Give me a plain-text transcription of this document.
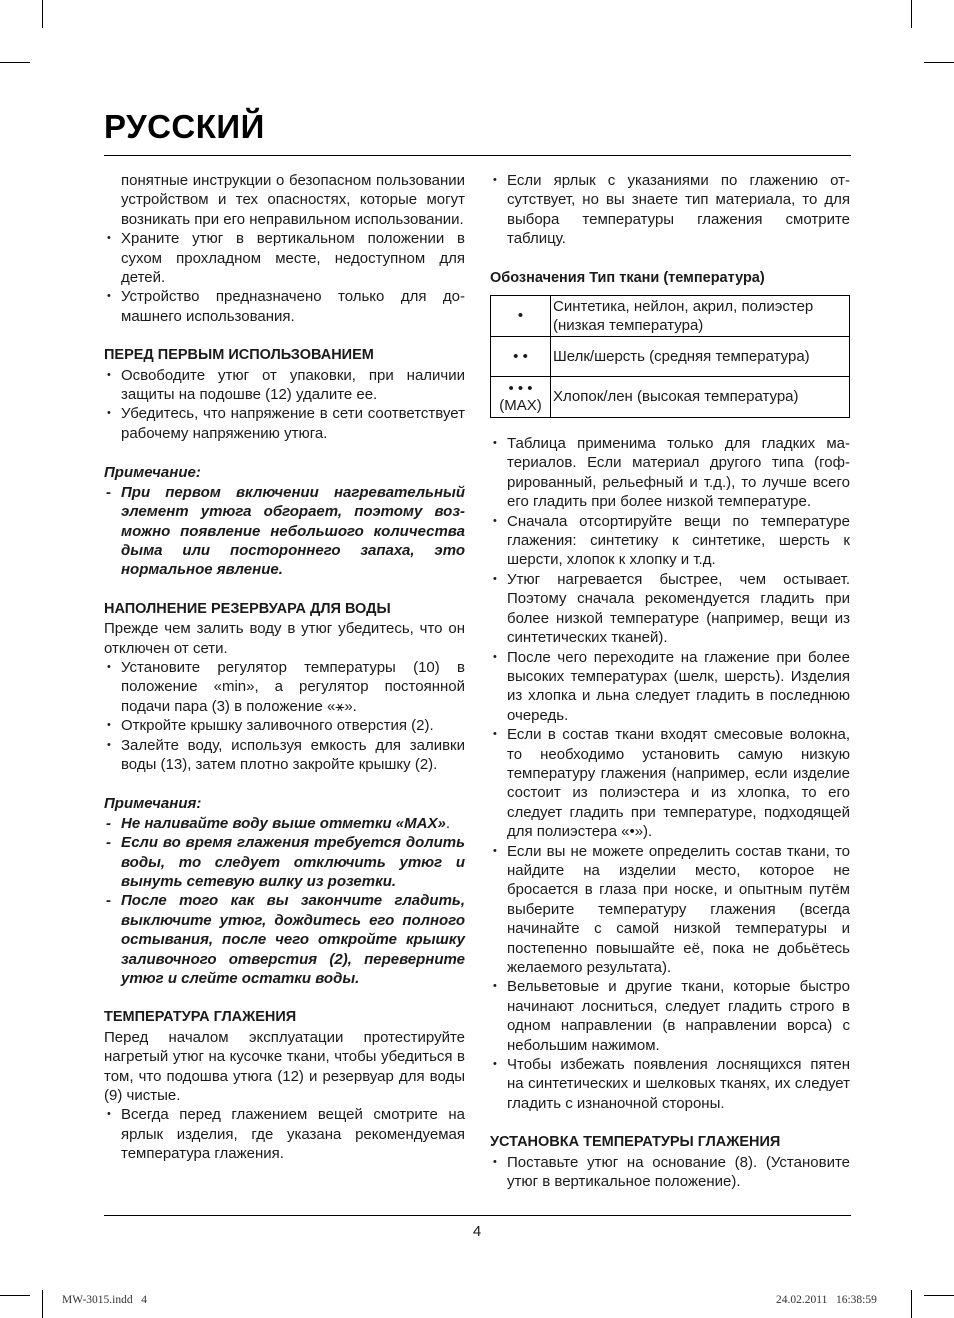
РУССКИЙ
понятные инструкции о безопасном пользовании устройством и тех опасностях, которые могут возникать при его неправильном использовании.
• Храните утюг в вертикальном положении в сухом прохладном месте, недоступном для детей.
• Устройство предназначено только для домашнего использования.
ПЕРЕД ПЕРВЫМ ИСПОЛЬЗОВАНИЕМ
• Освободите утюг от упаковки, при наличии защиты на подошве (12) удалите ее.
• Убедитесь, что напряжение в сети соответствует рабочему напряжению утюга.
Примечание:
- При первом включении нагревательный элемент утюга обгорает, поэтому возможно появление небольшого количества дыма или постороннего запаха, это нормальное явление.
НАПОЛНЕНИЕ РЕЗЕРВУАРА ДЛЯ ВОДЫ
Прежде чем залить воду в утюг убедитесь, что он отключен от сети.
• Установите регулятор температуры (10) в положение «min», а регулятор постоянной подачи пара (3) в положение «⚹».
• Откройте крышку заливочного отверстия (2).
• Залейте воду, используя емкость для заливки воды (13), затем плотно закройте крышку (2).
Примечания:
- Не наливайте воду выше отметки «MAX».
- Если во время глажения требуется долить воды, то следует отключить утюг и вынуть сетевую вилку из розетки.
- После того как вы закончите гладить, выключите утюг, дождитесь его полного остывания, после чего откройте крышку заливочного отверстия (2), переверните утюг и слейте остатки воды.
ТЕМПЕРАТУРА ГЛАЖЕНИЯ
Перед началом эксплуатации протестируйте нагретый утюг на кусочке ткани, чтобы убедиться в том, что подошва утюга (12) и резервуар для воды (9) чистые.
• Всегда перед глажением вещей смотрите на ярлык изделия, где указана рекомендуемая температура глажения.
• Если ярлык с указаниями по глажению отсутствует, но вы знаете тип материала, то для выбора температуры глажения смотрите таблицу.
Обозначения Тип ткани (температура)
•	Синтетика, нейлон, акрил, полиэстер (низкая температура)
• •	Шелк/шерсть (средняя температура)

• • •
(MAX)	Хлопок/лен (высокая температура)
• Таблица применима только для гладких материалов. Если материал другого типа (гофрированный, рельефный и т.д.), то лучше всего его гладить при более низкой температуре.
• Сначала отсортируйте вещи по температуре глажения: синтетику к синтетике, шерсть к шерсти, хлопок к хлопку и т.д.
• Утюг нагревается быстрее, чем остывает. Поэтому сначала рекомендуется гладить при более низкой температуре (например, вещи из синтетических тканей).
• После чего переходите на глажение при более высоких температурах (шелк, шерсть). Изделия из хлопка и льна следует гладить в последнюю очередь.
• Если в состав ткани входят смесовые волокна, то необходимо установить самую низкую температуру глажения (например, если изделие состоит из полиэстера и из хлопка, то его следует гладить при температуре, подходящей для полиэстера «•»).
• Если вы не можете определить состав ткани, то найдите на изделии место, которое не бросается в глаза при носке, и опытным путём выберите температуру глажения (всегда начинайте с самой низкой температуры и постепенно повышайте её, пока не добьётесь желаемого результата).
• Вельветовые и другие ткани, которые быстро начинают лосниться, следует гладить строго в одном направлении (в направлении ворса) с небольшим нажимом.
• Чтобы избежать появления лоснящихся пятен на синтетических и шелковых тканях, их следует гладить с изнаночной стороны.
УСТАНОВКА ТЕМПЕРАТУРЫ ГЛАЖЕНИЯ
• Поставьте утюг на основание (8). (Установите утюг в вертикальное положение).
4
MW-3015.indd   4	24.02.2011   16:38:59
